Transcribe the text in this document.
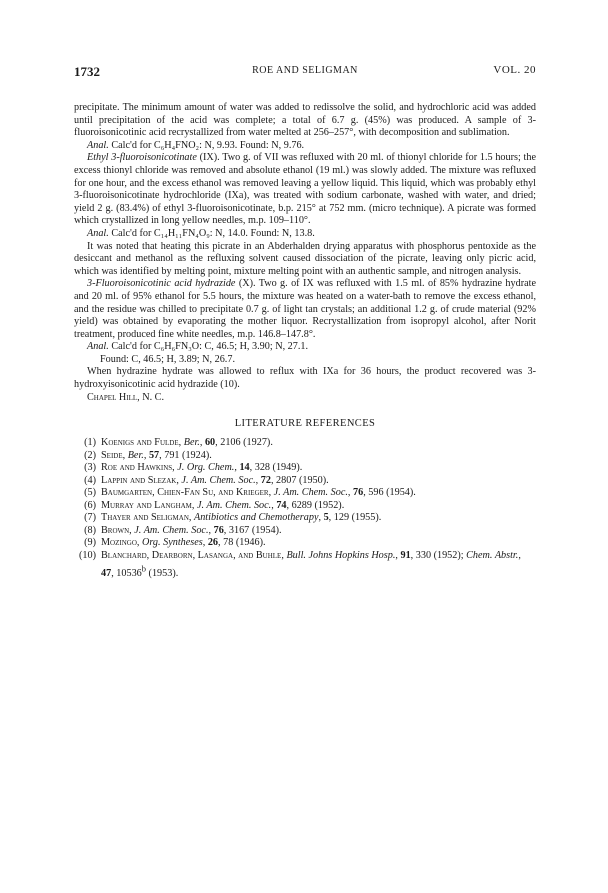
1732	ROE AND SELIGMAN	VOL. 20

precipitate. The minimum amount of water was added to redissolve the solid, and hydrochloric acid was added until precipitation of the acid was complete; a total of 6.7 g. (45%) was produced. A sample of 3-fluoroisonicotinic acid recrystallized from water melted at 256–257°, with decomposition and sublimation.

Anal. Calc'd for C₆H₄FNO₂: N, 9.93. Found: N, 9.76.

Ethyl 3-fluoroisonicotinate (IX). Two g. of VII was refluxed with 20 ml. of thionyl chloride for 1.5 hours; the excess thionyl chloride was removed and absolute ethanol (19 ml.) was slowly added. The mixture was refluxed for one hour, and the excess ethanol was removed leaving a yellow liquid. This liquid, which was probably ethyl 3-fluoroisonicotinate hydrochloride (IXa), was treated with sodium carbonate, washed with water, and dried; yield 2 g. (83.4%) of ethyl 3-fluoroisonicotinate, b.p. 215° at 752 mm. (micro technique). A picrate was formed which crystallized in long yellow needles, m.p. 109–110°.

Anal. Calc'd for C₁₄H₁₁FN₄O₉: N, 14.0. Found: N, 13.8.

It was noted that heating this picrate in an Abderhalden drying apparatus with phosphorus pentoxide as the desiccant and methanol as the refluxing solvent caused dissociation of the picrate, leaving only picric acid, which was identified by melting point, mixture melting point with an authentic sample, and nitrogen analysis.

3-Fluoroisonicotinic acid hydrazide (X). Two g. of IX was refluxed with 1.5 ml. of 85% hydrazine hydrate and 20 ml. of 95% ethanol for 5.5 hours, the mixture was heated on a water-bath to remove the excess ethanol, and the residue was chilled to precipitate 0.7 g. of light tan crystals; an additional 1.2 g. of crude material (92% yield) was obtained by evaporating the mother liquor. Recrystallization from isopropyl alcohol, after Norit treatment, produced fine white needles, m.p. 146.8–147.8°.

Anal. Calc'd for C₆H₆FN₃O: C, 46.5; H, 3.90; N, 27.1.

Found: C, 46.5; H, 3.89; N, 26.7.

When hydrazine hydrate was allowed to reflux with IXa for 36 hours, the product recovered was 3-hydroxyisonicotinic acid hydrazide (10).

Chapel Hill, N. C.

LITERATURE REFERENCES
(1) Koenigs and Fulde, Ber., 60, 2106 (1927).
(2) Seide, Ber., 57, 791 (1924).
(3) Roe and Hawkins, J. Org. Chem., 14, 328 (1949).
(4) Lappin and Slezak, J. Am. Chem. Soc., 72, 2807 (1950).
(5) Baumgarten, Chien-Fan Su, and Krieger, J. Am. Chem. Soc., 76, 596 (1954).
(6) Murray and Langham, J. Am. Chem. Soc., 74, 6289 (1952).
(7) Thayer and Seligman, Antibiotics and Chemotherapy, 5, 129 (1955).
(8) Brown, J. Am. Chem. Soc., 76, 3167 (1954).
(9) Mozingo, Org. Syntheses, 26, 78 (1946).
(10) Blanchard, Dearborn, Lasanga, and Buhle, Bull. Johns Hopkins Hosp., 91, 330 (1952); Chem. Abstr., 47, 10536$^b$ (1953).
